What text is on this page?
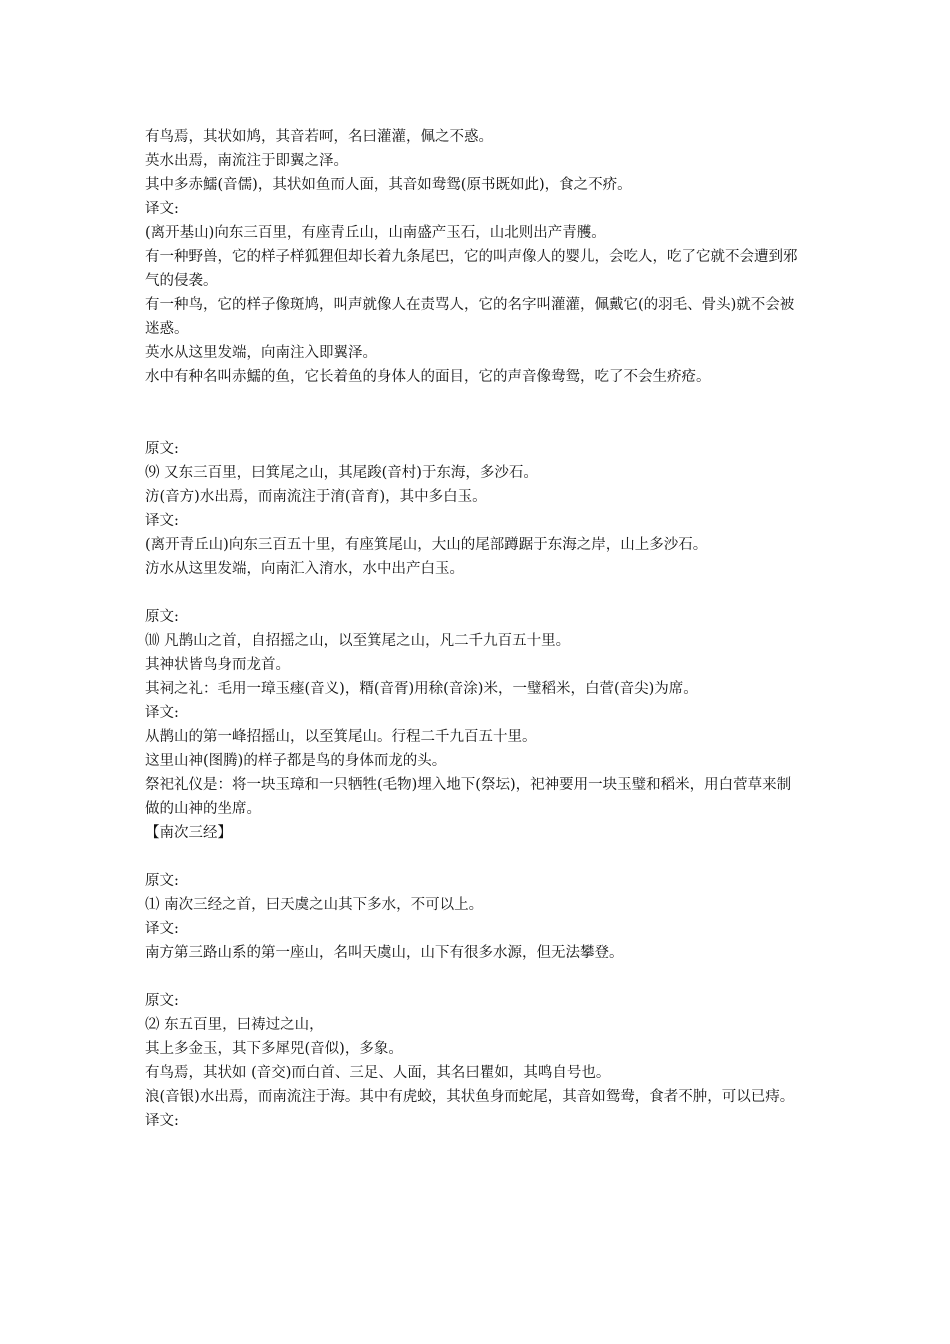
有鸟焉，其状如鸠，其音若呵，名曰灌灌，佩之不惑。

英水出焉，南流注于即翼之泽。

其中多赤鱬(音儒)，其状如鱼而人面，其音如鸯鸳(原书既如此)，食之不疥。

译文:

(离开基山)向东三百里，有座青丘山，山南盛产玉石，山北则出产青雘。

有一种野兽，它的样子样狐狸但却长着九条尾巴，它的叫声像人的婴儿，会吃人，吃了它就不会遭到邪气的侵袭。

有一种鸟，它的样子像斑鸠，叫声就像人在责骂人，它的名字叫灌灌，佩戴它(的羽毛、骨头)就不会被迷惑。

英水从这里发端，向南注入即翼泽。

水中有种名叫赤鱬的鱼，它长着鱼的身体人的面目，它的声音像鸯鸳，吃了不会生疥疮。

原文:

⑼ 又东三百里，曰箕尾之山，其尾踆(音村)于东海，多沙石。

汸(音方)水出焉，而南流注于淯(音育)，其中多白玉。

译文:

(离开青丘山)向东三百五十里，有座箕尾山，大山的尾部蹲踞于东海之岸，山上多沙石。

汸水从这里发端，向南汇入淯水，水中出产白玉。

原文:

⑽ 凡鹊山之首，自招摇之山，以至箕尾之山，凡二千九百五十里。

其神状皆鸟身而龙首。

其祠之礼：毛用一璋玉瘗(音义)，糈(音胥)用稌(音涂)米，一璧稻米，白菅(音尖)为席。

译文:

从鹊山的第一峰招摇山，以至箕尾山。行程二千九百五十里。

这里山神(图腾)的样子都是鸟的身体而龙的头。

祭祀礼仪是：将一块玉璋和一只牺牲(毛物)埋入地下(祭坛)，祀神要用一块玉璧和稻米，用白菅草来制做的山神的坐席。

【南次三经】

原文:

⑴ 南次三经之首，曰天虞之山其下多水，不可以上。

译文:

南方第三路山系的第一座山，名叫天虞山，山下有很多水源，但无法攀登。

原文:

⑵ 东五百里，曰祷过之山，

其上多金玉，其下多犀兕(音似)，多象。

有鸟焉，其状如 (音交)而白首、三足、人面，其名曰瞿如，其鸣自号也。

浪(音银)水出焉，而南流注于海。其中有虎蛟，其状鱼身而蛇尾，其音如鸳鸯，食者不肿，可以已痔。

译文:
